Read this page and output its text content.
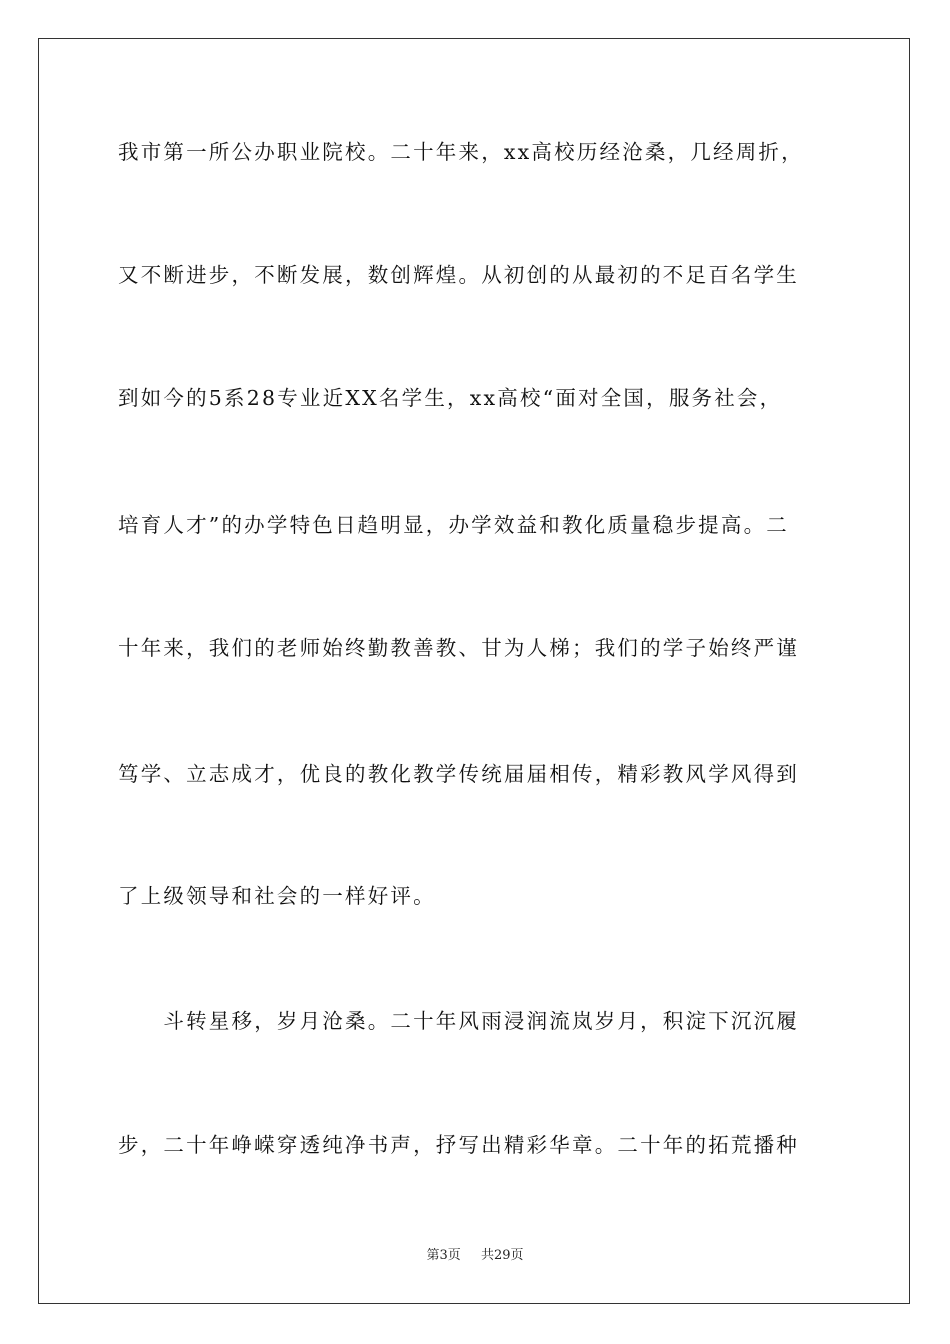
我市第一所公办职业院校。二十年来，xx高校历经沧桑，几经周折，
又不断进步，不断发展，数创辉煌。从初创的从最初的不足百名学生
到如今的5系28专业近XX名学生，xx高校“面对全国，服务社会，
培育人才”的办学特色日趋明显，办学效益和教化质量稳步提高。二
十年来，我们的老师始终勤教善教、甘为人梯；我们的学子始终严谨
笃学、立志成才，优良的教化教学传统届届相传，精彩教风学风得到
了上级领导和社会的一样好评。
　　斗转星移，岁月沧桑。二十年风雨浸润流岚岁月，积淀下沉沉履
步，二十年峥嵘穿透纯净书声，抒写出精彩华章。二十年的拓荒播种
第3页 共29页
